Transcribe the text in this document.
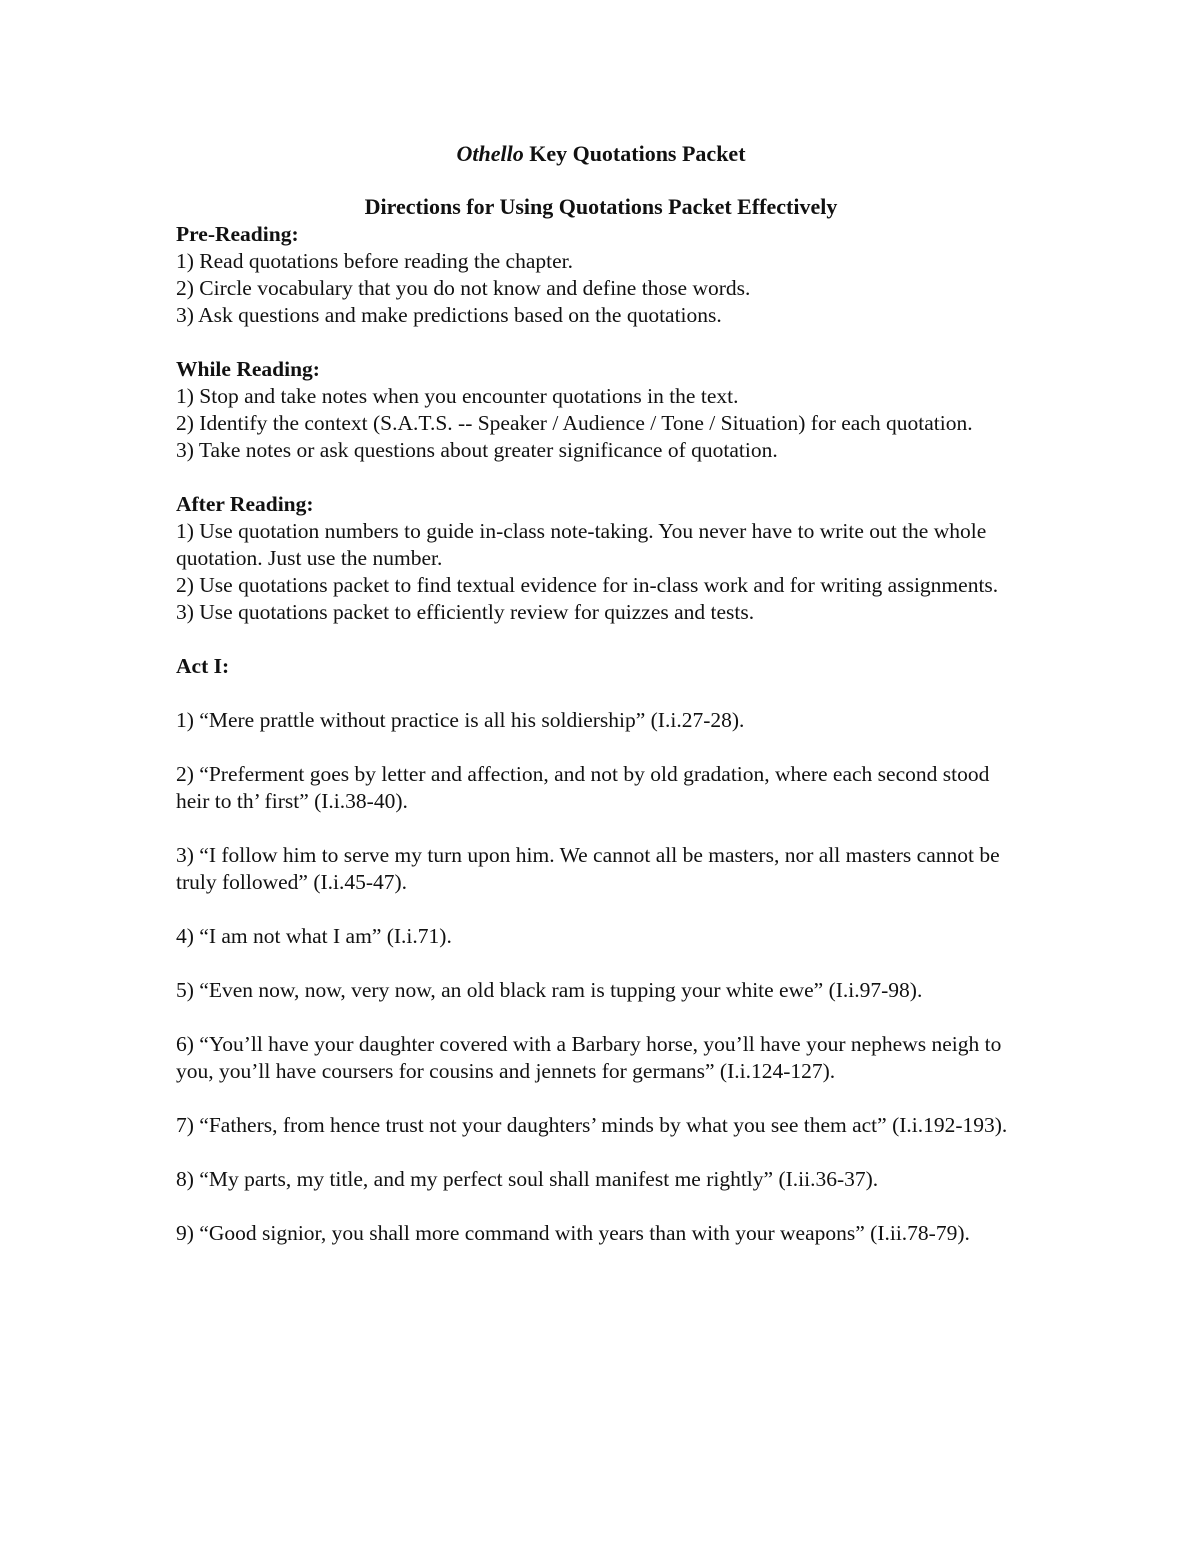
Othello Key Quotations Packet

Directions for Using Quotations Packet Effectively

Pre-Reading:

1) Read quotations before reading the chapter.

2) Circle vocabulary that you do not know and define those words.

3) Ask questions and make predictions based on the quotations.

While Reading:

1) Stop and take notes when you encounter quotations in the text.

2) Identify the context (S.A.T.S. -- Speaker / Audience / Tone / Situation) for each quotation.

3) Take notes or ask questions about greater significance of quotation.

After Reading:

1) Use quotation numbers to guide in-class note-taking. You never have to write out the whole quotation. Just use the number.

2) Use quotations packet to find textual evidence for in-class work and for writing assignments.

3) Use quotations packet to efficiently review for quizzes and tests.

Act I:

1) “Mere prattle without practice is all his soldiership” (I.i.27-28).

2) “Preferment goes by letter and affection, and not by old gradation, where each second stood heir to th’ first” (I.i.38-40).

3) “I follow him to serve my turn upon him. We cannot all be masters, nor all masters cannot be truly followed” (I.i.45-47).

4) “I am not what I am” (I.i.71).

5) “Even now, now, very now, an old black ram is tupping your white ewe” (I.i.97-98).

6) “You’ll have your daughter covered with a Barbary horse, you’ll have your nephews neigh to you, you’ll have coursers for cousins and jennets for germans” (I.i.124-127).

7) “Fathers, from hence trust not your daughters’ minds by what you see them act” (I.i.192-193).

8) “My parts, my title, and my perfect soul shall manifest me rightly” (I.ii.36-37).

9) “Good signior, you shall more command with years than with your weapons” (I.ii.78-79).
